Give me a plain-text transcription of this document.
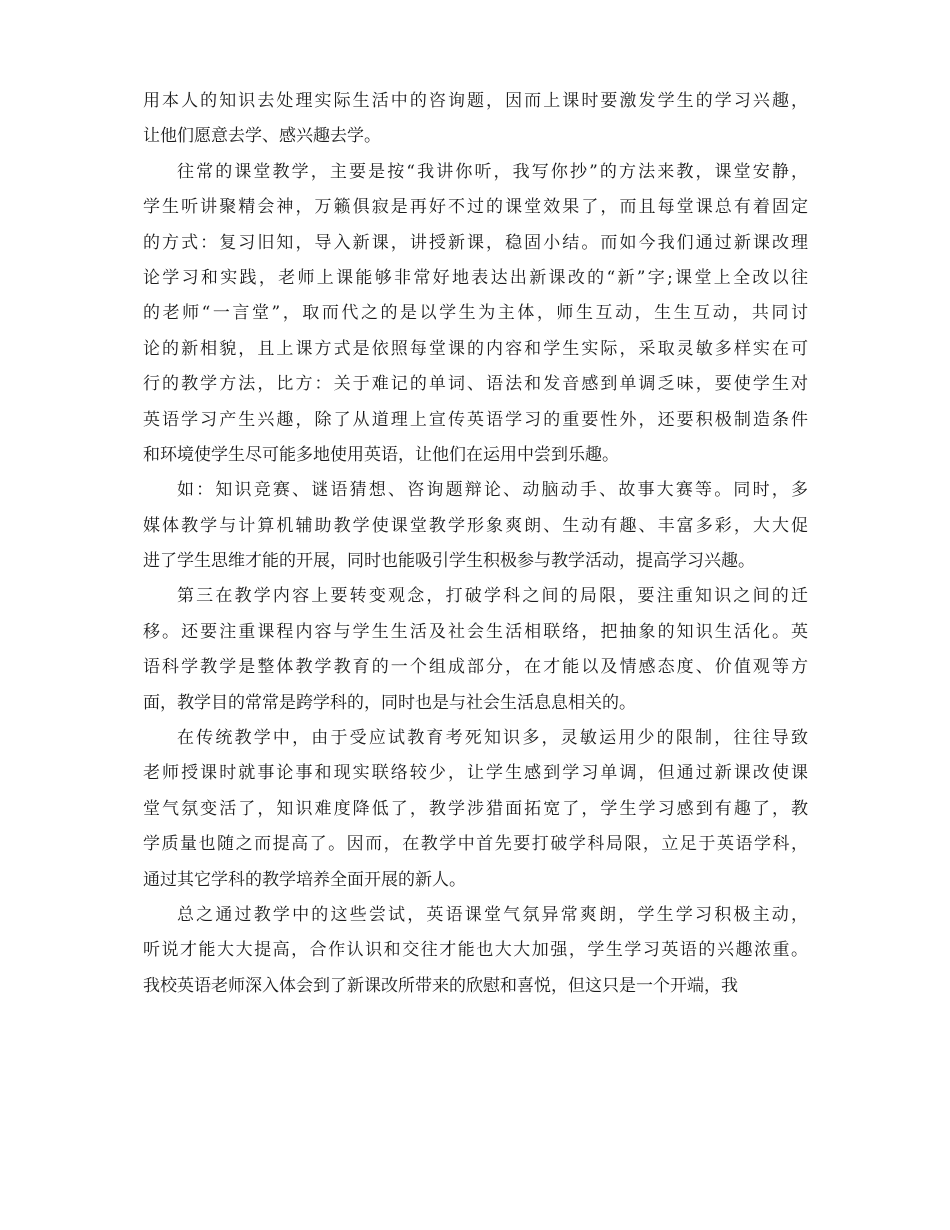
用本人的知识去处理实际生活中的咨询题，因而上课时要激发学生的学习兴趣，
让他们愿意去学、感兴趣去学。
往常的课堂教学，主要是按“我讲你听，我写你抄”的方法来教，课堂安静，
学生听讲聚精会神，万籁俱寂是再好不过的课堂效果了，而且每堂课总有着固定
的方式：复习旧知，导入新课，讲授新课，稳固小结。而如今我们通过新课改理
论学习和实践，老师上课能够非常好地表达出新课改的“新”字;课堂上全改以往
的老师“一言堂”，取而代之的是以学生为主体，师生互动，生生互动，共同讨
论的新相貌，且上课方式是依照每堂课的内容和学生实际，采取灵敏多样实在可
行的教学方法，比方：关于难记的单词、语法和发音感到单调乏味，要使学生对
英语学习产生兴趣，除了从道理上宣传英语学习的重要性外，还要积极制造条件
和环境使学生尽可能多地使用英语，让他们在运用中尝到乐趣。
如：知识竞赛、谜语猜想、咨询题辩论、动脑动手、故事大赛等。同时，多
媒体教学与计算机辅助教学使课堂教学形象爽朗、生动有趣、丰富多彩，大大促
进了学生思维才能的开展，同时也能吸引学生积极参与教学活动，提高学习兴趣。
第三在教学内容上要转变观念，打破学科之间的局限，要注重知识之间的迁
移。还要注重课程内容与学生生活及社会生活相联络，把抽象的知识生活化。英
语科学教学是整体教学教育的一个组成部分，在才能以及情感态度、价值观等方
面，教学目的常常是跨学科的，同时也是与社会生活息息相关的。
在传统教学中，由于受应试教育考死知识多，灵敏运用少的限制，往往导致
老师授课时就事论事和现实联络较少，让学生感到学习单调，但通过新课改使课
堂气氛变活了，知识难度降低了，教学涉猎面拓宽了，学生学习感到有趣了，教
学质量也随之而提高了。因而，在教学中首先要打破学科局限，立足于英语学科，
通过其它学科的教学培养全面开展的新人。
总之通过教学中的这些尝试，英语课堂气氛异常爽朗，学生学习积极主动，
听说才能大大提高，合作认识和交往才能也大大加强，学生学习英语的兴趣浓重。
我校英语老师深入体会到了新课改所带来的欣慰和喜悦，但这只是一个开端，我
